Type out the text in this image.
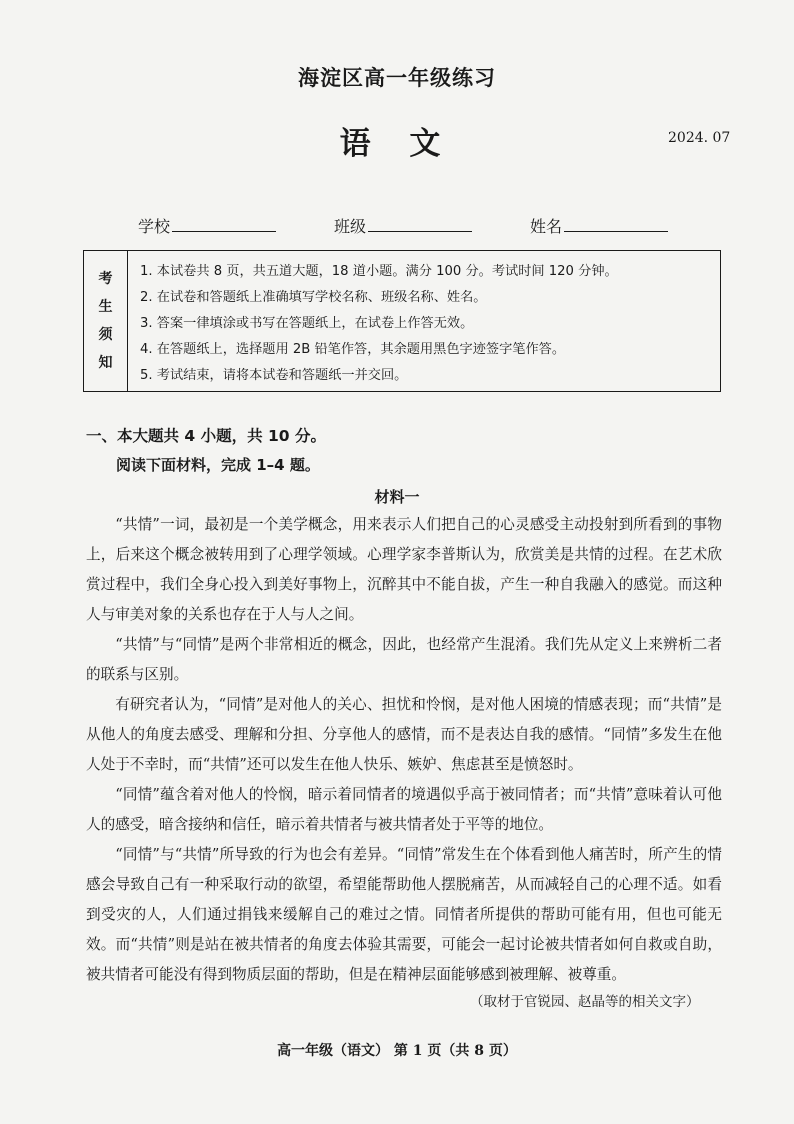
海淀区高一年级练习
语 文	2024. 07
学校	班级	姓名
考
生
须
知
1. 本试卷共 8 页，共五道大题，18 道小题。满分 100 分。考试时间 120 分钟。
2. 在试卷和答题纸上准确填写学校名称、班级名称、姓名。
3. 答案一律填涂或书写在答题纸上，在试卷上作答无效。
4. 在答题纸上，选择题用 2B 铅笔作答，其余题用黑色字迹签字笔作答。
5. 考试结束，请将本试卷和答题纸一并交回。
一、本大题共 4 小题，共 10 分。
阅读下面材料，完成 1–4 题。
材料一

“共情”一词，最初是一个美学概念，用来表示人们把自己的心灵感受主动投射到所看到的事物上，后来这个概念被转用到了心理学领域。心理学家李普斯认为，欣赏美是共情的过程。在艺术欣赏过程中，我们全身心投入到美好事物上，沉醉其中不能自拔，产生一种自我融入的感觉。而这种人与审美对象的关系也存在于人与人之间。

“共情”与“同情”是两个非常相近的概念，因此，也经常产生混淆。我们先从定义上来辨析二者的联系与区别。

有研究者认为，“同情”是对他人的关心、担忧和怜悯，是对他人困境的情感表现；而“共情”是从他人的角度去感受、理解和分担、分享他人的感情，而不是表达自我的感情。“同情”多发生在他人处于不幸时，而“共情”还可以发生在他人快乐、嫉妒、焦虑甚至是愤怒时。

“同情”蕴含着对他人的怜悯，暗示着同情者的境遇似乎高于被同情者；而“共情”意味着认可他人的感受，暗含接纳和信任，暗示着共情者与被共情者处于平等的地位。

“同情”与“共情”所导致的行为也会有差异。“同情”常发生在个体看到他人痛苦时，所产生的情感会导致自己有一种采取行动的欲望，希望能帮助他人摆脱痛苦，从而减轻自己的心理不适。如看到受灾的人，人们通过捐钱来缓解自己的难过之情。同情者所提供的帮助可能有用，但也可能无效。而“共情”则是站在被共情者的角度去体验其需要，可能会一起讨论被共情者如何自救或自助，被共情者可能没有得到物质层面的帮助，但是在精神层面能够感到被理解、被尊重。

（取材于官锐园、赵晶等的相关文字）
高一年级（语文） 第 1 页（共 8 页）
